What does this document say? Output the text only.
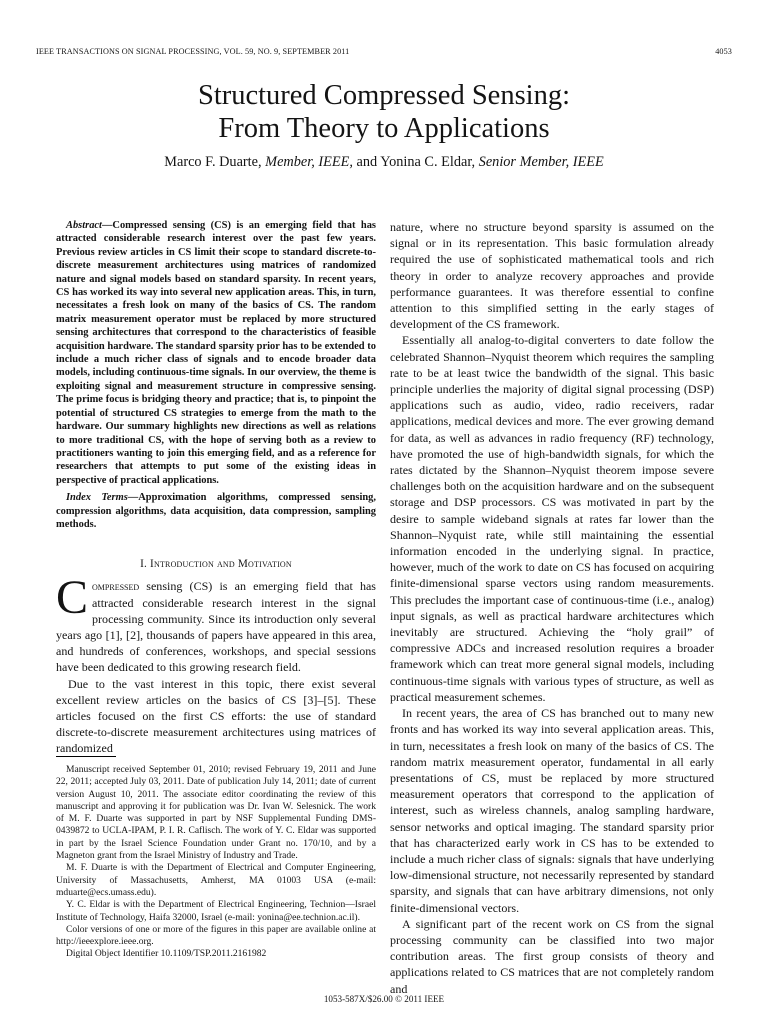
IEEE TRANSACTIONS ON SIGNAL PROCESSING, VOL. 59, NO. 9, SEPTEMBER 2011	4053
Structured Compressed Sensing:
From Theory to Applications
Marco F. Duarte, Member, IEEE, and Yonina C. Eldar, Senior Member, IEEE

Abstract—Compressed sensing (CS) is an emerging field that has attracted considerable research interest over the past few years. Previous review articles in CS limit their scope to standard discrete-to-discrete measurement architectures using matrices of randomized nature and signal models based on standard sparsity. In recent years, CS has worked its way into several new application areas. This, in turn, necessitates a fresh look on many of the basics of CS. The random matrix measurement operator must be replaced by more structured sensing architectures that correspond to the characteristics of feasible acquisition hardware. The standard sparsity prior has to be extended to include a much richer class of signals and to encode broader data models, including continuous-time signals. In our overview, the theme is exploiting signal and measurement structure in compressive sensing. The prime focus is bridging theory and practice; that is, to pinpoint the potential of structured CS strategies to emerge from the math to the hardware. Our summary highlights new directions as well as relations to more traditional CS, with the hope of serving both as a review to practitioners wanting to join this emerging field, and as a reference for researchers that attempts to put some of the existing ideas in perspective of practical applications.

Index Terms—Approximation algorithms, compressed sensing, compression algorithms, data acquisition, data compression, sampling methods.

I. Introduction and Motivation

Compressed sensing (CS) is an emerging field that has attracted considerable research interest in the signal processing community. Since its introduction only several years ago [1], [2], thousands of papers have appeared in this area, and hundreds of conferences, workshops, and special sessions have been dedicated to this growing research field.

Due to the vast interest in this topic, there exist several excellent review articles on the basics of CS [3]–[5]. These articles focused on the first CS efforts: the use of standard discrete-to-discrete measurement architectures using matrices of randomized

Manuscript received September 01, 2010; revised February 19, 2011 and June 22, 2011; accepted July 03, 2011. Date of publication July 14, 2011; date of current version August 10, 2011. The associate editor coordinating the review of this manuscript and approving it for publication was Dr. Ivan W. Selesnick. The work of M. F. Duarte was supported in part by NSF Supplemental Funding DMS-0439872 to UCLA-IPAM, P. I. R. Caflisch. The work of Y. C. Eldar was supported in part by the Israel Science Foundation under Grant no. 170/10, and by a Magneton grant from the Israel Ministry of Industry and Trade.

M. F. Duarte is with the Department of Electrical and Computer Engineering, University of Massachusetts, Amherst, MA 01003 USA (e-mail: mduarte@ecs.umass.edu).

Y. C. Eldar is with the Department of Electrical Engineering, Technion—Israel Institute of Technology, Haifa 32000, Israel (e-mail: yonina@ee.technion.ac.il).

Color versions of one or more of the figures in this paper are available online at http://ieeexplore.ieee.org.

Digital Object Identifier 10.1109/TSP.2011.2161982

nature, where no structure beyond sparsity is assumed on the signal or in its representation. This basic formulation already required the use of sophisticated mathematical tools and rich theory in order to analyze recovery approaches and provide performance guarantees. It was therefore essential to confine attention to this simplified setting in the early stages of development of the CS framework.

Essentially all analog-to-digital converters to date follow the celebrated Shannon–Nyquist theorem which requires the sampling rate to be at least twice the bandwidth of the signal. This basic principle underlies the majority of digital signal processing (DSP) applications such as audio, video, radio receivers, radar applications, medical devices and more. The ever growing demand for data, as well as advances in radio frequency (RF) technology, have promoted the use of high-bandwidth signals, for which the rates dictated by the Shannon–Nyquist theorem impose severe challenges both on the acquisition hardware and on the subsequent storage and DSP processors. CS was motivated in part by the desire to sample wideband signals at rates far lower than the Shannon–Nyquist rate, while still maintaining the essential information encoded in the underlying signal. In practice, however, much of the work to date on CS has focused on acquiring finite-dimensional sparse vectors using random measurements. This precludes the important case of continuous-time (i.e., analog) input signals, as well as practical hardware architectures which inevitably are structured. Achieving the “holy grail” of compressive ADCs and increased resolution requires a broader framework which can treat more general signal models, including continuous-time signals with various types of structure, as well as practical measurement schemes.

In recent years, the area of CS has branched out to many new fronts and has worked its way into several application areas. This, in turn, necessitates a fresh look on many of the basics of CS. The random matrix measurement operator, fundamental in all early presentations of CS, must be replaced by more structured measurement operators that correspond to the application of interest, such as wireless channels, analog sampling hardware, sensor networks and optical imaging. The standard sparsity prior that has characterized early work in CS has to be extended to include a much richer class of signals: signals that have underlying low-dimensional structure, not necessarily represented by standard sparsity, and signals that can have arbitrary dimensions, not only finite-dimensional vectors.

A significant part of the recent work on CS from the signal processing community can be classified into two major contribution areas. The first group consists of theory and applications related to CS matrices that are not completely random and

1053-587X/$26.00 © 2011 IEEE
